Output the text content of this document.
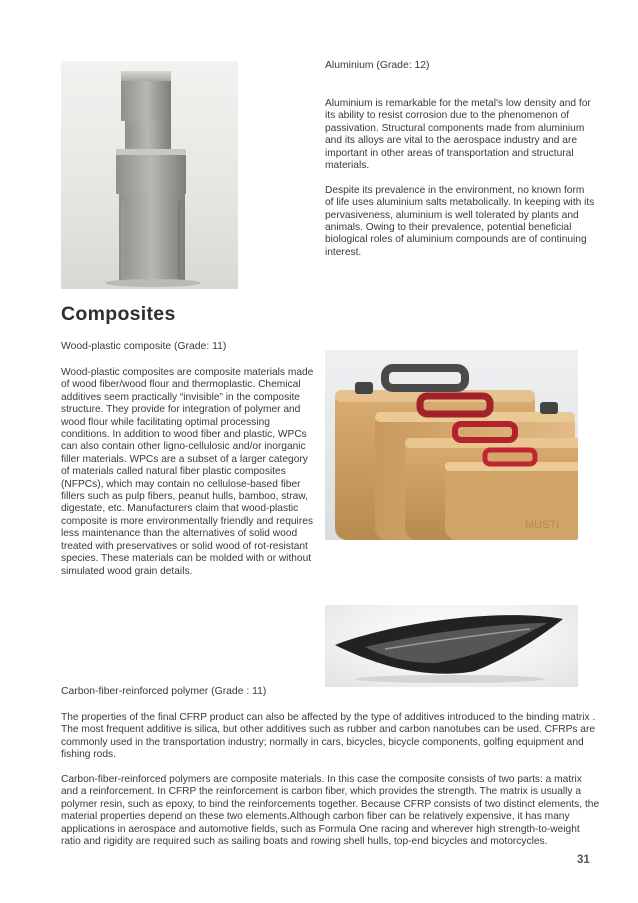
Aluminium (Grade: 12)

Aluminium is remarkable for the metal's low density and for its ability to resist corrosion due to the phenomenon of passivation. Structural components made from aluminium and its alloys are vital to the aerospace industry and are important in other areas of transportation and structural materials.

Despite its prevalence in the environment, no known form of life uses aluminium salts metabolically. In keeping with its pervasiveness, aluminium is well tolerated by plants and animals. Owing to their prevalence, potential beneficial biological roles of aluminium compounds are of continuing interest.

Composites
Wood-plastic composite (Grade: 11)

Wood-plastic composites are composite materials made of wood fiber/wood flour and thermoplastic. Chemical additives seem practically “invisible” in the composite structure. They provide for integration of polymer and wood flour while facilitating optimal processing conditions. In addition to wood fiber and plastic, WPCs can also contain other ligno-cellulosic and/or inorganic filler materials. WPCs are a subset of a larger category of materials called natural fiber plastic composites (NFPCs), which may contain no cellulose-based fiber fillers such as pulp fibers, peanut hulls, bamboo, straw, digestate, etc. Manufacturers claim that wood-plastic composite is more environmentally friendly and requires less maintenance than the alternatives of solid wood treated with preservatives or solid wood of rot-resistant species. These materials can be molded with or without simulated wood grain details.

MUSTI
Carbon-fiber-reinforced polymer (Grade : 11)

The properties of the final CFRP product can also be affected by the type of additives introduced to the binding matrix . The most frequent additive is silica, but other additives such as rubber and carbon nanotubes can be used. CFRPs are commonly used in the transportation industry; normally in cars, bicycles, bicycle components, golfing equipment and fishing rods.

Carbon-fiber-reinforced polymers are composite materials. In this case the composite consists of two parts: a matrix and a reinforcement. In CFRP the reinforcement is carbon fiber, which provides the strength. The matrix is usually a polymer resin, such as epoxy, to bind the reinforcements together. Because CFRP consists of two distinct elements, the material properties depend on these two elements.Although carbon fiber can be relatively expensive, it has many applications in aerospace and automotive fields, such as Formula One racing and wherever high strength-to-weight ratio and rigidity are required such as sailing boats and rowing shell hulls, top-end bicycles and motorcycles.

31
